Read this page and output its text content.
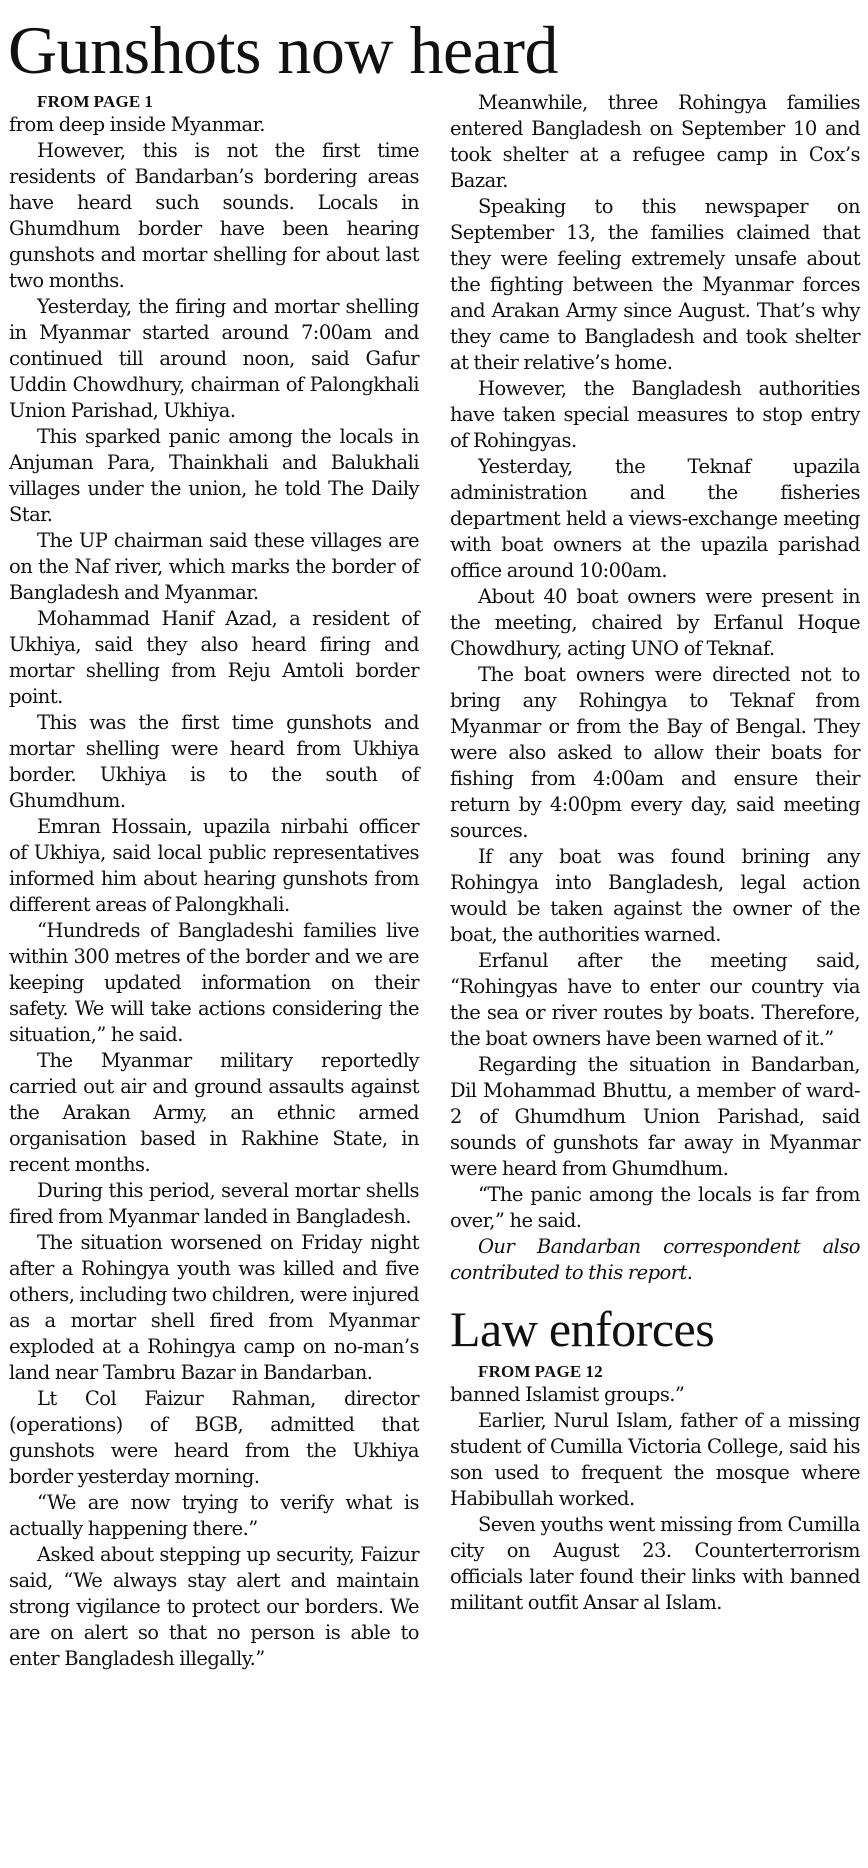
Gunshots now heard

FROM PAGE 1

from deep inside Myanmar.

However, this is not the first time residents of Bandarban’s bordering areas have heard such sounds. Locals in Ghumdhum border have been hearing gunshots and mortar shelling for about last two months.

Yesterday, the firing and mortar shelling in Myanmar started around 7:00am and continued till around noon, said Gafur Uddin Chowdhury, chairman of Palongkhali Union Parishad, Ukhiya.

This sparked panic among the locals in Anjuman Para, Thainkhali and Balukhali villages under the union, he told The Daily Star.

The UP chairman said these villages are on the Naf river, which marks the border of Bangladesh and Myanmar.

Mohammad Hanif Azad, a resident of Ukhiya, said they also heard firing and mortar shelling from Reju Amtoli border point.

This was the first time gunshots and mortar shelling were heard from Ukhiya border. Ukhiya is to the south of Ghumdhum.

Emran Hossain, upazila nirbahi officer of Ukhiya, said local public representatives informed him about hearing gunshots from different areas of Palongkhali.

“Hundreds of Bangladeshi families live within 300 metres of the border and we are keeping updated information on their safety. We will take actions considering the situation,” he said.

The Myanmar military reportedly carried out air and ground assaults against the Arakan Army, an ethnic armed organisation based in Rakhine State, in recent months.

During this period, several mortar shells fired from Myanmar landed in Bangladesh.

The situation worsened on Friday night after a Rohingya youth was killed and five others, including two children, were injured as a mortar shell fired from Myanmar exploded at a Rohingya camp on no-man’s land near Tambru Bazar in Bandarban.

Lt Col Faizur Rahman, director (operations) of BGB, admitted that gunshots were heard from the Ukhiya border yesterday morning.

“We are now trying to verify what is actually happening there.”

Asked about stepping up security, Faizur said, “We always stay alert and maintain strong vigilance to protect our borders. We are on alert so that no person is able to enter Bangladesh illegally.”

Meanwhile, three Rohingya families entered Bangladesh on September 10 and took shelter at a refugee camp in Cox’s Bazar.

Speaking to this newspaper on September 13, the families claimed that they were feeling extremely unsafe about the fighting between the Myanmar forces and Arakan Army since August. That’s why they came to Bangladesh and took shelter at their relative’s home.

However, the Bangladesh authorities have taken special measures to stop entry of Rohingyas.

Yesterday, the Teknaf upazila administration and the fisheries department held a views-exchange meeting with boat owners at the upazila parishad office around 10:00am.

About 40 boat owners were present in the meeting, chaired by Erfanul Hoque Chowdhury, acting UNO of Teknaf.

The boat owners were directed not to bring any Rohingya to Teknaf from Myanmar or from the Bay of Bengal. They were also asked to allow their boats for fishing from 4:00am and ensure their return by 4:00pm every day, said meeting sources.

If any boat was found brining any Rohingya into Bangladesh, legal action would be taken against the owner of the boat, the authorities warned.

Erfanul after the meeting said, “Rohingyas have to enter our country via the sea or river routes by boats. Therefore, the boat owners have been warned of it.”

Regarding the situation in Bandarban, Dil Mohammad Bhuttu, a member of ward-2 of Ghumdhum Union Parishad, said sounds of gunshots far away in Myanmar were heard from Ghumdhum.

“The panic among the locals is far from over,” he said.

Our Bandarban correspondent also contributed to this report.

Law enforces

FROM PAGE 12

banned Islamist groups.”

Earlier, Nurul Islam, father of a missing student of Cumilla Victoria College, said his son used to frequent the mosque where Habibullah worked.

Seven youths went missing from Cumilla city on August 23. Counterterrorism officials later found their links with banned militant outfit Ansar al Islam.
